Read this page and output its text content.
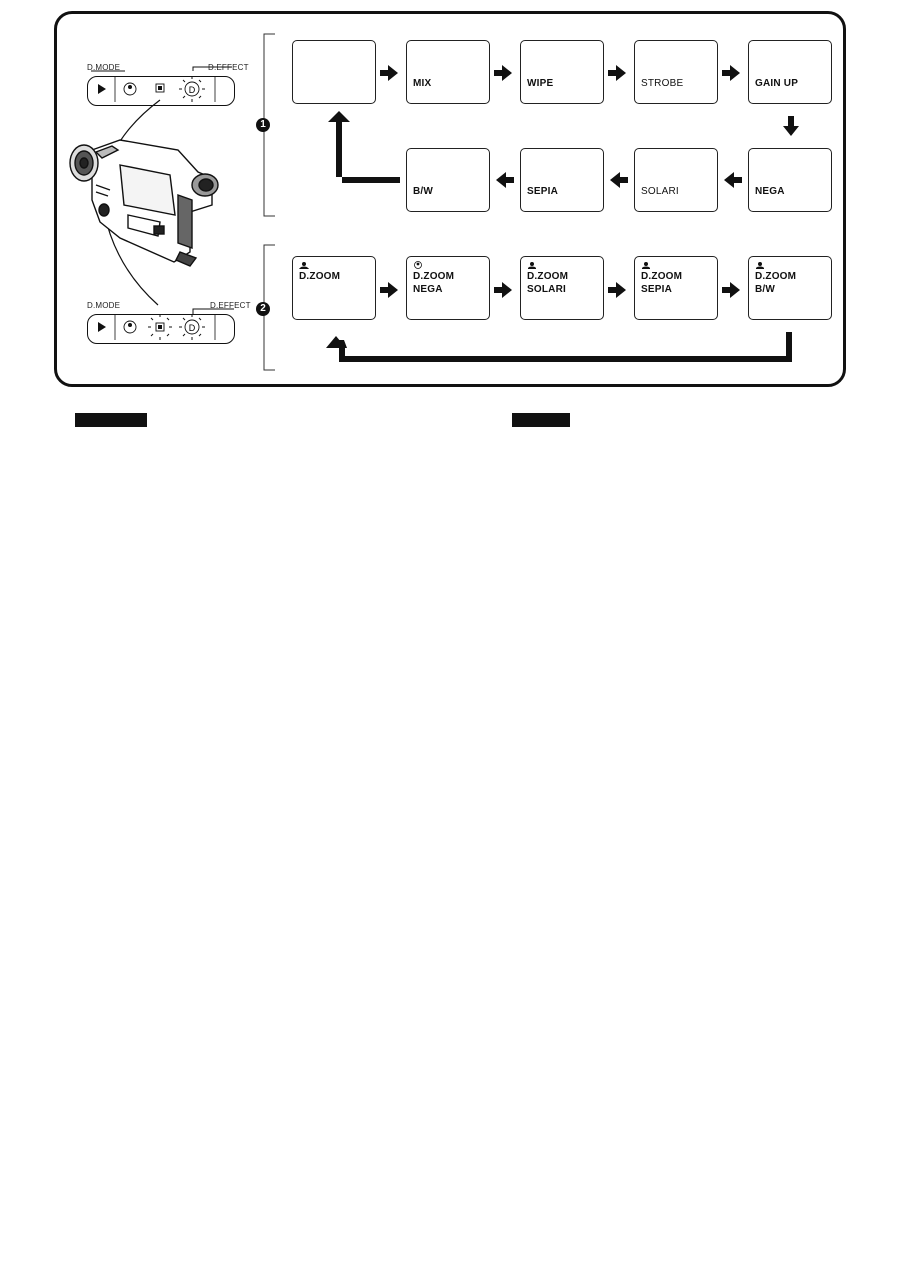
D
D
D.MODE	D.EFFECT
D.MODE	D.EFFECT
1
2
MIX	WIPE	STROBE	GAIN UP
NEGA
SOLARI
SEPIA
B/W
D.ZOOM	D.ZOOM
NEGA
D.ZOOM
SOLARI
D.ZOOM
SEPIA
D.ZOOM
B/W
